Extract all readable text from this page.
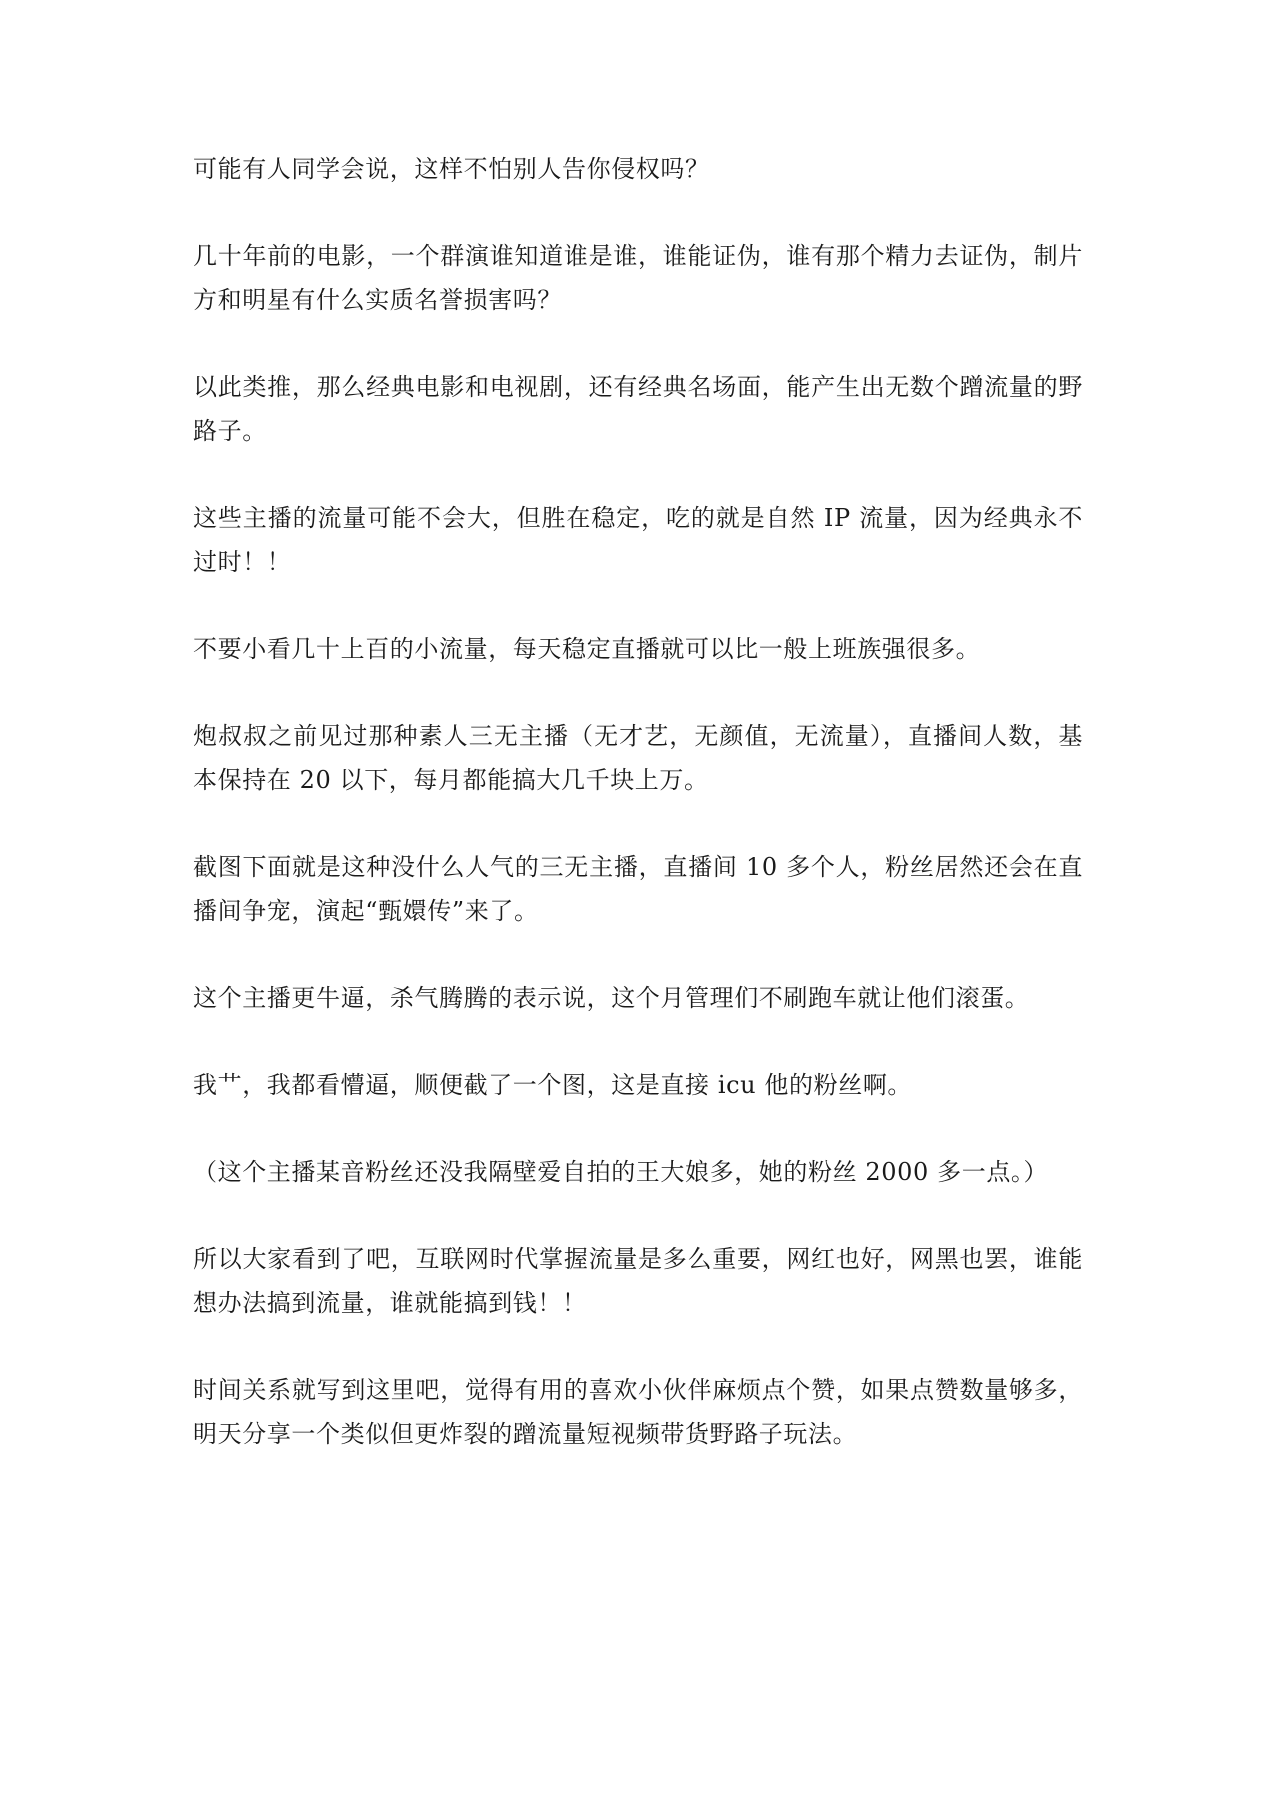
可能有人同学会说，这样不怕别人告你侵权吗？

几十年前的电影，一个群演谁知道谁是谁，谁能证伪，谁有那个精力去证伪，制片方和明星有什么实质名誉损害吗？

以此类推，那么经典电影和电视剧，还有经典名场面，能产生出无数个蹭流量的野路子。

这些主播的流量可能不会大，但胜在稳定，吃的就是自然 IP 流量，因为经典永不过时！！

不要小看几十上百的小流量，每天稳定直播就可以比一般上班族强很多。

炮叔叔之前见过那种素人三无主播（无才艺，无颜值，无流量），直播间人数，基本保持在 20 以下，每月都能搞大几千块上万。

截图下面就是这种没什么人气的三无主播，直播间 10 多个人，粉丝居然还会在直播间争宠，演起“甄嬛传”来了。

这个主播更牛逼，杀气腾腾的表示说，这个月管理们不刷跑车就让他们滚蛋。

我艹，我都看懵逼，顺便截了一个图，这是直接 icu 他的粉丝啊。

（这个主播某音粉丝还没我隔壁爱自拍的王大娘多，她的粉丝 2000 多一点。）

所以大家看到了吧，互联网时代掌握流量是多么重要，网红也好，网黑也罢，谁能想办法搞到流量，谁就能搞到钱！！

时间关系就写到这里吧，觉得有用的喜欢小伙伴麻烦点个赞，如果点赞数量够多，明天分享一个类似但更炸裂的蹭流量短视频带货野路子玩法。
